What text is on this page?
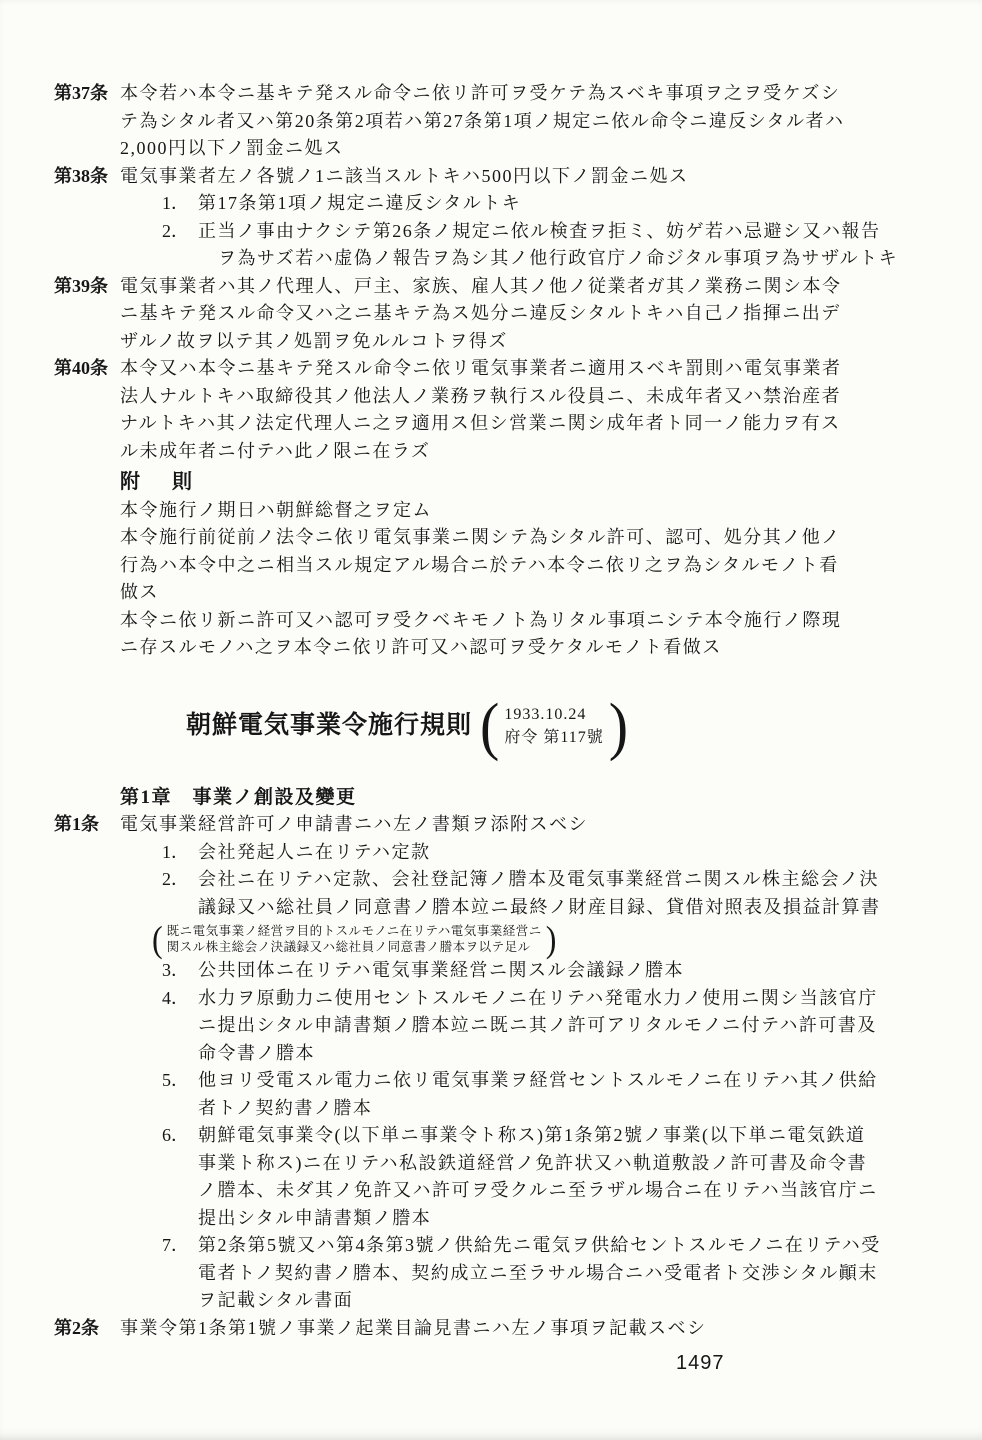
第37条 本令若ハ本令ニ基キテ発スル命令ニ依リ許可ヲ受ケテ為スベキ事項ヲ之ヲ受ケズシ

テ為シタル者又ハ第20条第2項若ハ第27条第1項ノ規定ニ依ル命令ニ違反シタル者ハ

2,000円以下ノ罰金ニ処ス

第38条 電気事業者左ノ各號ノ1ニ該当スルトキハ500円以下ノ罰金ニ処ス

1． 第17条第1項ノ規定ニ違反シタルトキ

2． 正当ノ事由ナクシテ第26条ノ規定ニ依ル検査ヲ拒ミ、妨ゲ若ハ忌避シ又ハ報告

ヲ為サズ若ハ虚偽ノ報告ヲ為シ其ノ他行政官庁ノ命ジタル事項ヲ為サザルトキ

第39条 電気事業者ハ其ノ代理人、戸主、家族、雇人其ノ他ノ従業者ガ其ノ業務ニ関シ本令

ニ基キテ発スル命令又ハ之ニ基キテ為ス処分ニ違反シタルトキハ自己ノ指揮ニ出デ

ザルノ故ヲ以テ其ノ処罰ヲ免ルルコトヲ得ズ

第40条 本令又ハ本令ニ基キテ発スル命令ニ依リ電気事業者ニ適用スベキ罰則ハ電気事業者

法人ナルトキハ取締役其ノ他法人ノ業務ヲ執行スル役員ニ、未成年者又ハ禁治産者

ナルトキハ其ノ法定代理人ニ之ヲ適用ス但シ営業ニ関シ成年者ト同一ノ能力ヲ有ス

ル未成年者ニ付テハ此ノ限ニ在ラズ

附　則

本令施行ノ期日ハ朝鮮総督之ヲ定ム

本令施行前従前ノ法令ニ依リ電気事業ニ関シテ為シタル許可、認可、処分其ノ他ノ

行為ハ本令中之ニ相当スル規定アル場合ニ於テハ本令ニ依リ之ヲ為シタルモノト看

做ス

本令ニ依リ新ニ許可又ハ認可ヲ受クベキモノト為リタル事項ニシテ本令施行ノ際現

ニ存スルモノハ之ヲ本令ニ依リ許可又ハ認可ヲ受ケタルモノト看做ス

朝鮮電気事業令施行規則 ( 1933.10.24
府令 第117號 )
第1章　事業ノ創設及變更
第1条 電気事業経営許可ノ申請書ニハ左ノ書類ヲ添附スベシ

1． 会社発起人ニ在リテハ定款

2． 会社ニ在リテハ定款、会社登記簿ノ謄本及電気事業経営ニ関スル株主総会ノ決

議録又ハ総社員ノ同意書ノ謄本竝ニ最終ノ財産目録、貸借対照表及損益計算書

( 既ニ電気事業ノ経営ヲ目的トスルモノニ在リテハ電気事業経営ニ
関スル株主総会ノ決議録又ハ総社員ノ同意書ノ謄本ヲ以テ足ル )
3． 公共団体ニ在リテハ電気事業経営ニ関スル会議録ノ謄本

4． 水力ヲ原動力ニ使用セントスルモノニ在リテハ発電水力ノ使用ニ関シ当該官庁

ニ提出シタル申請書類ノ謄本竝ニ既ニ其ノ許可アリタルモノニ付テハ許可書及

命令書ノ謄本

5． 他ヨリ受電スル電力ニ依リ電気事業ヲ経営セントスルモノニ在リテハ其ノ供給

者トノ契約書ノ謄本

6． 朝鮮電気事業令(以下単ニ事業令ト称ス)第1条第2號ノ事業(以下単ニ電気鉄道

事業ト称ス)ニ在リテハ私設鉄道経営ノ免許状又ハ軌道敷設ノ許可書及命令書

ノ謄本、未ダ其ノ免許又ハ許可ヲ受クルニ至ラザル場合ニ在リテハ当該官庁ニ

提出シタル申請書類ノ謄本

7． 第2条第5號又ハ第4条第3號ノ供給先ニ電気ヲ供給セントスルモノニ在リテハ受

電者トノ契約書ノ謄本、契約成立ニ至ラサル場合ニハ受電者ト交渉シタル顚末

ヲ記載シタル書面

第2条 事業令第1条第1號ノ事業ノ起業目論見書ニハ左ノ事項ヲ記載スベシ

1497
